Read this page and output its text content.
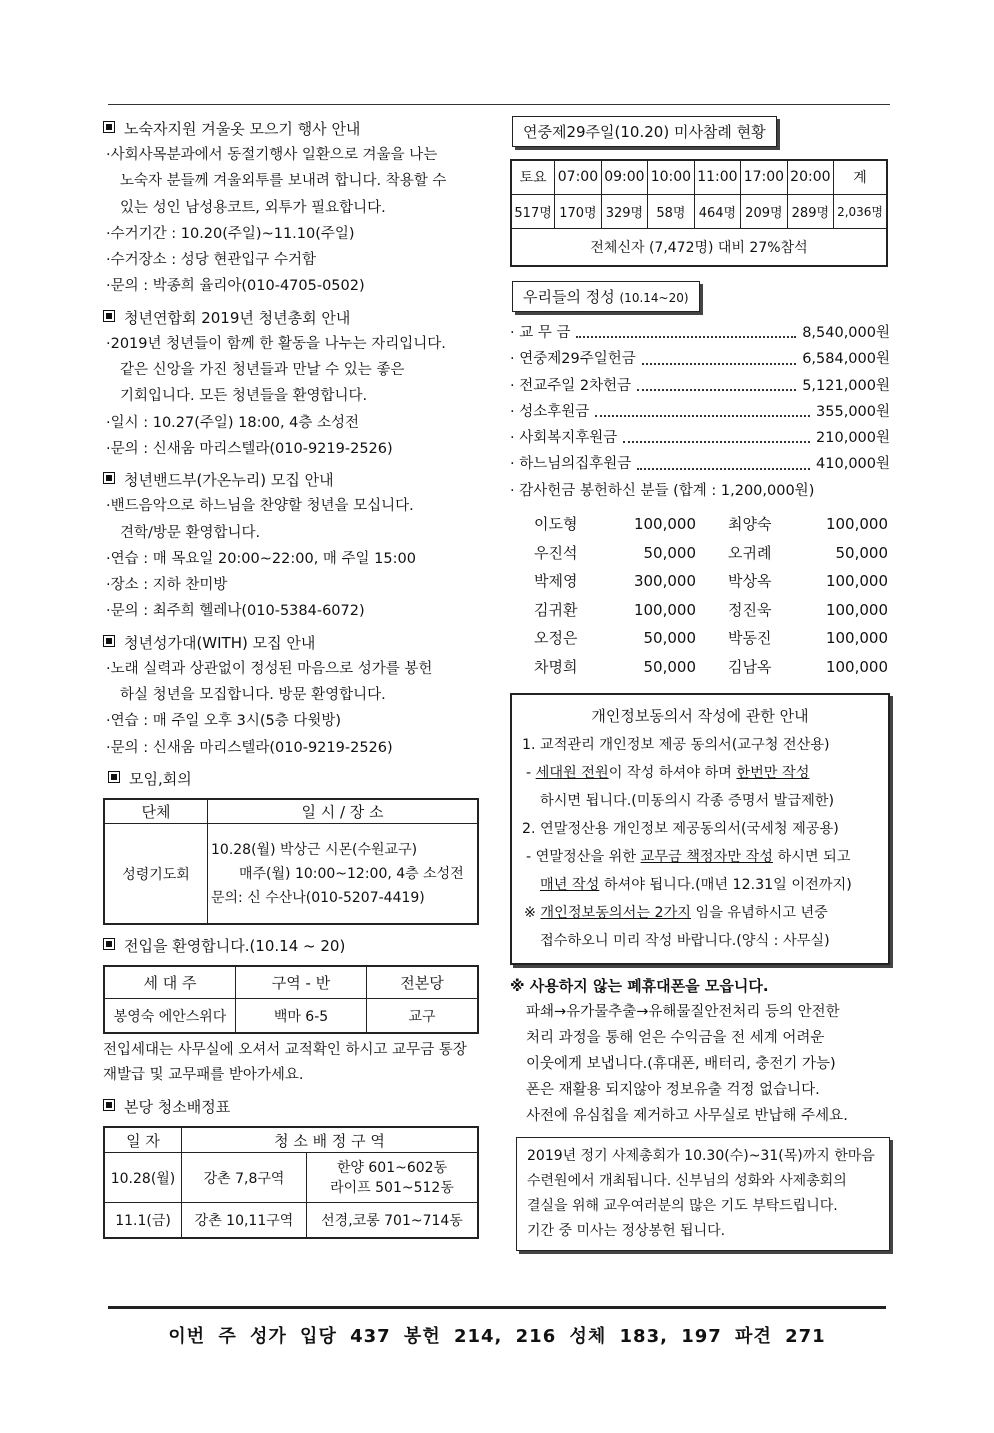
노숙자지원 겨울옷 모으기 행사 안내
·사회사목분과에서 동절기행사 일환으로 겨울을 나는
노숙자 분들께 겨울외투를 보내려 합니다. 착용할 수
있는 성인 남성용코트, 외투가 필요합니다.
·수거기간 : 10.20(주일)~11.10(주일)
·수거장소 : 성당 현관입구 수거함
·문의 : 박종희 율리아(010-4705-0502)
청년연합회 2019년 청년총회 안내
·2019년 청년들이 함께 한 활동을 나누는 자리입니다.
같은 신앙을 가진 청년들과 만날 수 있는 좋은
기회입니다. 모든 청년들을 환영합니다.
·일시 : 10.27(주일) 18:00, 4층 소성전
·문의 : 신새움 마리스텔라(010-9219-2526)
청년밴드부(가온누리) 모집 안내
·밴드음악으로 하느님을 찬양할 청년을 모십니다.
견학/방문 환영합니다.
·연습 : 매 목요일 20:00~22:00, 매 주일 15:00
·장소 : 지하 찬미방
·문의 : 최주희 헬레나(010-5384-6072)
청년성가대(WITH) 모집 안내
·노래 실력과 상관없이 정성된 마음으로 성가를 봉헌
하실 청년을 모집합니다. 방문 환영합니다.
·연습 : 매 주일 오후 3시(5층 다윗방)
·문의 : 신새움 마리스텔라(010-9219-2526)
모임,회의
단체	일 시 / 장 소
성령기도회	10.28(월) 박상근 시몬(수원교구)
매주(월) 10:00~12:00, 4층 소성전
문의: 신 수산나(010-5207-4419)
전입을 환영합니다.(10.14 ~ 20)
세 대 주	구역 - 반	전본당
봉영숙 에안스위다	백마 6-5	교구
전입세대는 사무실에 오셔서 교적확인 하시고 교무금 통장
재발급 및 교무패를 받아가세요.
본당 청소배정표
일 자	청 소 배 정 구 역	
10.28(월)	강촌 7,8구역	한양 601~602동
라이프 501~512동

11.1(금)	강촌 10,11구역	선경,코롱 701~714동
연중제29주일(10.20) 미사참례 현황
토요	07:00	09:00	10:00	11:00	17:00	20:00	계
517명	170명	329명	58명	464명	209명	289명	2,036명
전체신자 (7,472명) 대비 27%참석							
우리들의 정성 (10.14~20)
· 교 무 금	8,540,000원
· 연중제29주일헌금	6,584,000원
· 전교주일 2차헌금	5,121,000원
· 성소후원금	355,000원
· 사회복지후원금	210,000원
· 하느님의집후원금	410,000원
· 감사헌금 봉헌하신 분들 (합계 : 1,200,000원)
이도형	100,000 최양숙	100,000
우진석	50,000 오귀례	50,000
박제영	300,000 박상옥	100,000
김귀환	100,000 정진욱	100,000
오정은	50,000 박동진	100,000
차명희	50,000 김남옥	100,000
개인정보동의서 작성에 관한 안내
1. 교적관리 개인정보 제공 동의서(교구청 전산용)
- 세대원 전원이 작성 하셔야 하며 한번만 작성
하시면 됩니다.(미동의시 각종 증명서 발급제한)
2. 연말정산용 개인정보 제공동의서(국세청 제공용)
- 연말정산을 위한 교무금 책정자만 작성 하시면 되고
매년 작성 하셔야 됩니다.(매년 12.31일 이전까지)
※ 개인정보동의서는 2가지 임을 유념하시고 년중
접수하오니 미리 작성 바랍니다.(양식 : 사무실)
※ 사용하지 않는 폐휴대폰을 모읍니다.
파쇄→유가물추출→유해물질안전처리 등의 안전한
처리 과정을 통해 얻은 수익금을 전 세계 어려운
이웃에게 보냅니다.(휴대폰, 배터리, 충전기 가능)
폰은 재활용 되지않아 정보유출 걱정 없습니다.
사전에 유심칩을 제거하고 사무실로 반납해 주세요.
2019년 정기 사제총회가 10.30(수)~31(목)까지 한마음
수련원에서 개최됩니다. 신부님의 성화와 사제총회의
결실을 위해 교우여러분의 많은 기도 부탁드립니다.
기간 중 미사는 정상봉헌 됩니다.
이번 주 성가 입당 437 봉헌 214, 216 성체 183, 197 파견 271
